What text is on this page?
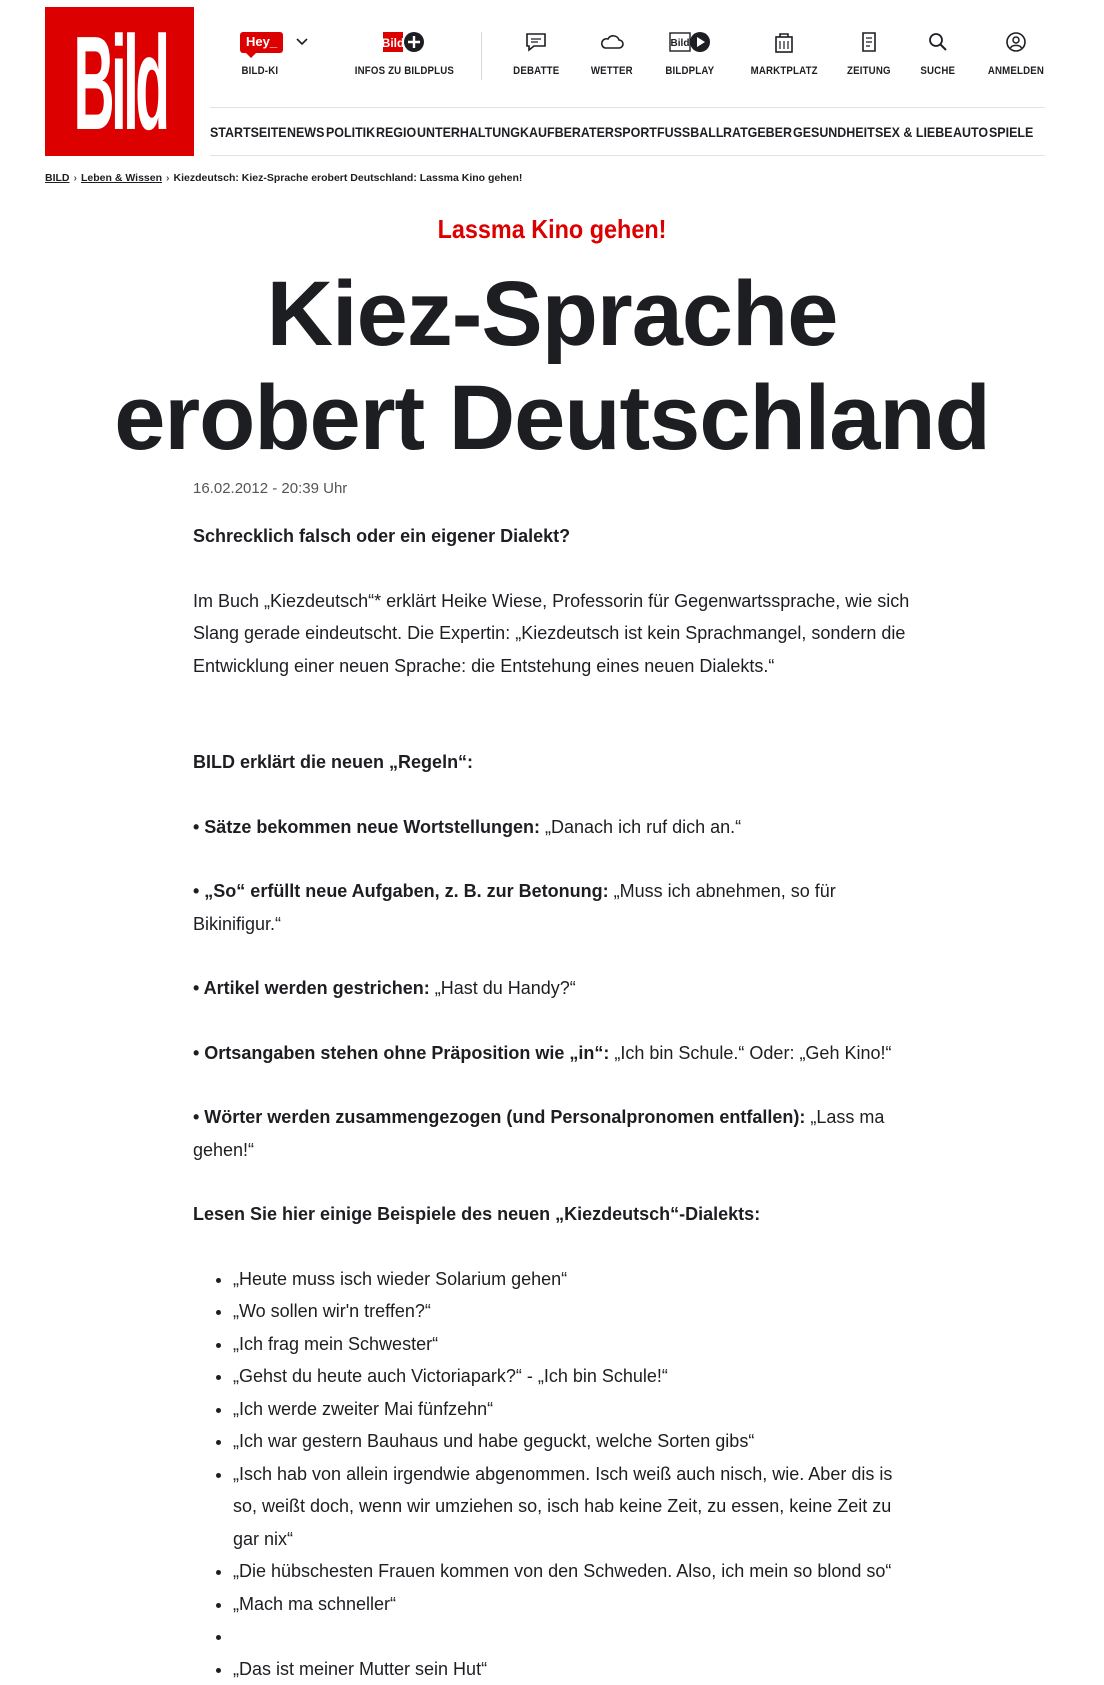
Bild	Hey_
BILD-KI
Bild
INFOS ZU BILDPLUS	DEBATTE	WETTER
Bild
BILDPLAY	MARKTPLATZ	ZEITUNG	SUCHE	ANMELDEN
STARTSEITE NEWS POLITIK REGIO UNTERHALTUNG KAUFBERATER SPORT FUSSBALL RATGEBER GESUNDHEIT SEX & LIEBE AUTO SPIELE
BILD › Leben & Wissen › Kiezdeutsch: Kiez-Sprache erobert Deutschland: Lassma Kino gehen!
Lassma Kino gehen!
Kiez-Sprache
erobert Deutschland
16.02.2012 - 20:39 Uhr

Schrecklich falsch oder ein eigener Dialekt?

Im Buch „Kiezdeutsch“* erklärt Heike Wiese, Professorin für Gegenwartssprache, wie sich Slang gerade eindeutscht. Die Expertin: „Kiezdeutsch ist kein Sprachmangel, sondern die Entwicklung einer neuen Sprache: die Entstehung eines neuen Dialekts.“

BILD erklärt die neuen „Regeln“:

• Sätze bekommen neue Wortstellungen: „Danach ich ruf dich an.“

• „So“ erfüllt neue Aufgaben, z. B. zur Betonung: „Muss ich abnehmen, so für Bikinifigur.“

• Artikel werden gestrichen: „Hast du Handy?“

• Ortsangaben stehen ohne Präposition wie „in“: „Ich bin Schule.“ Oder: „Geh Kino!“

• Wörter werden zusammengezogen (und Personalpronomen entfallen): „Lass ma gehen!“

Lesen Sie hier einige Beispiele des neuen „Kiezdeutsch“-Dialekts:

• „Heute muss isch wieder Solarium gehen“
• „Wo sollen wir'n treffen?“
• „Ich frag mein Schwester“
• „Gehst du heute auch Victoriapark?“ - „Ich bin Schule!“
• „Ich werde zweiter Mai fünfzehn“
• „Ich war gestern Bauhaus und habe geguckt, welche Sorten gibs“
• „Isch hab von allein irgendwie abgenommen. Isch weiß auch nisch, wie. Aber dis is so, weißt doch, wenn wir umziehen so, isch hab keine Zeit, zu essen, keine Zeit zu gar nix“
• „Die hübschesten Frauen kommen von den Schweden. Also, ich mein so blond so“
• „Mach ma schneller“
•
• „Das ist meiner Mutter sein Hut“
